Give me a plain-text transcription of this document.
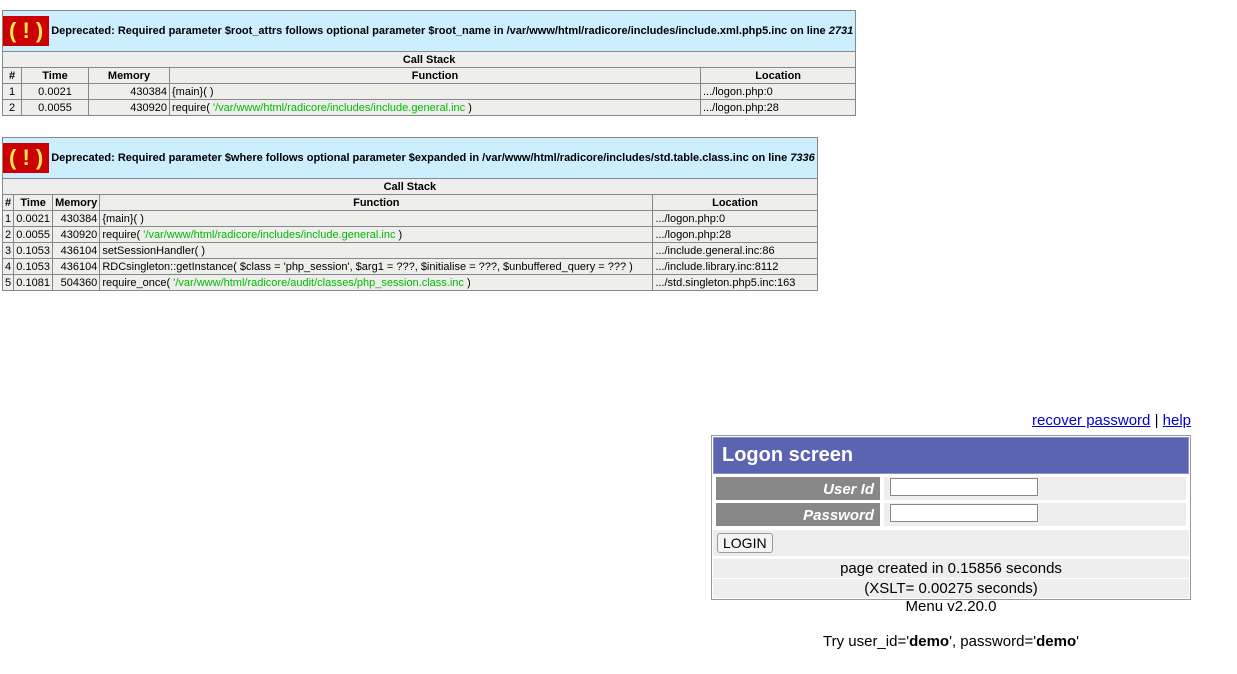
( ! ) Deprecated: Required parameter $root_attrs follows optional parameter $root_name in /var/www/html/radicore/includes/include.xml.php5.inc on line 2731				
Call Stack				
#	Time	Memory	Function	Location
1	0.0021	430384	{main}( )	.../logon.php:0
2	0.0055	430920	require( '/var/www/html/radicore/includes/include.general.inc )	.../logon.php:28
( ! ) Deprecated: Required parameter $where follows optional parameter $expanded in /var/www/html/radicore/includes/std.table.class.inc on line 7336				
Call Stack				
#	Time	Memory	Function	Location
1	0.0021	430384	{main}( )	.../logon.php:0
2	0.0055	430920	require( '/var/www/html/radicore/includes/include.general.inc )	.../logon.php:28
3	0.1053	436104	setSessionHandler( )	.../include.general.inc:86
4	0.1053	436104	RDCsingleton::getInstance( $class = 'php_session', $arg1 = ???, $initialise = ???, $unbuffered_query = ??? )	.../include.library.inc:8112
5	0.1081	504360	require_once( '/var/www/html/radicore/audit/classes/php_session.class.inc )	.../std.singleton.php5.inc:163
recover password | help
Logon screen
User Id
Password
LOGIN
page created in 0.15856 seconds
(XSLT= 0.00275 seconds)
Menu v2.20.0
Try user_id='demo', password='demo'
